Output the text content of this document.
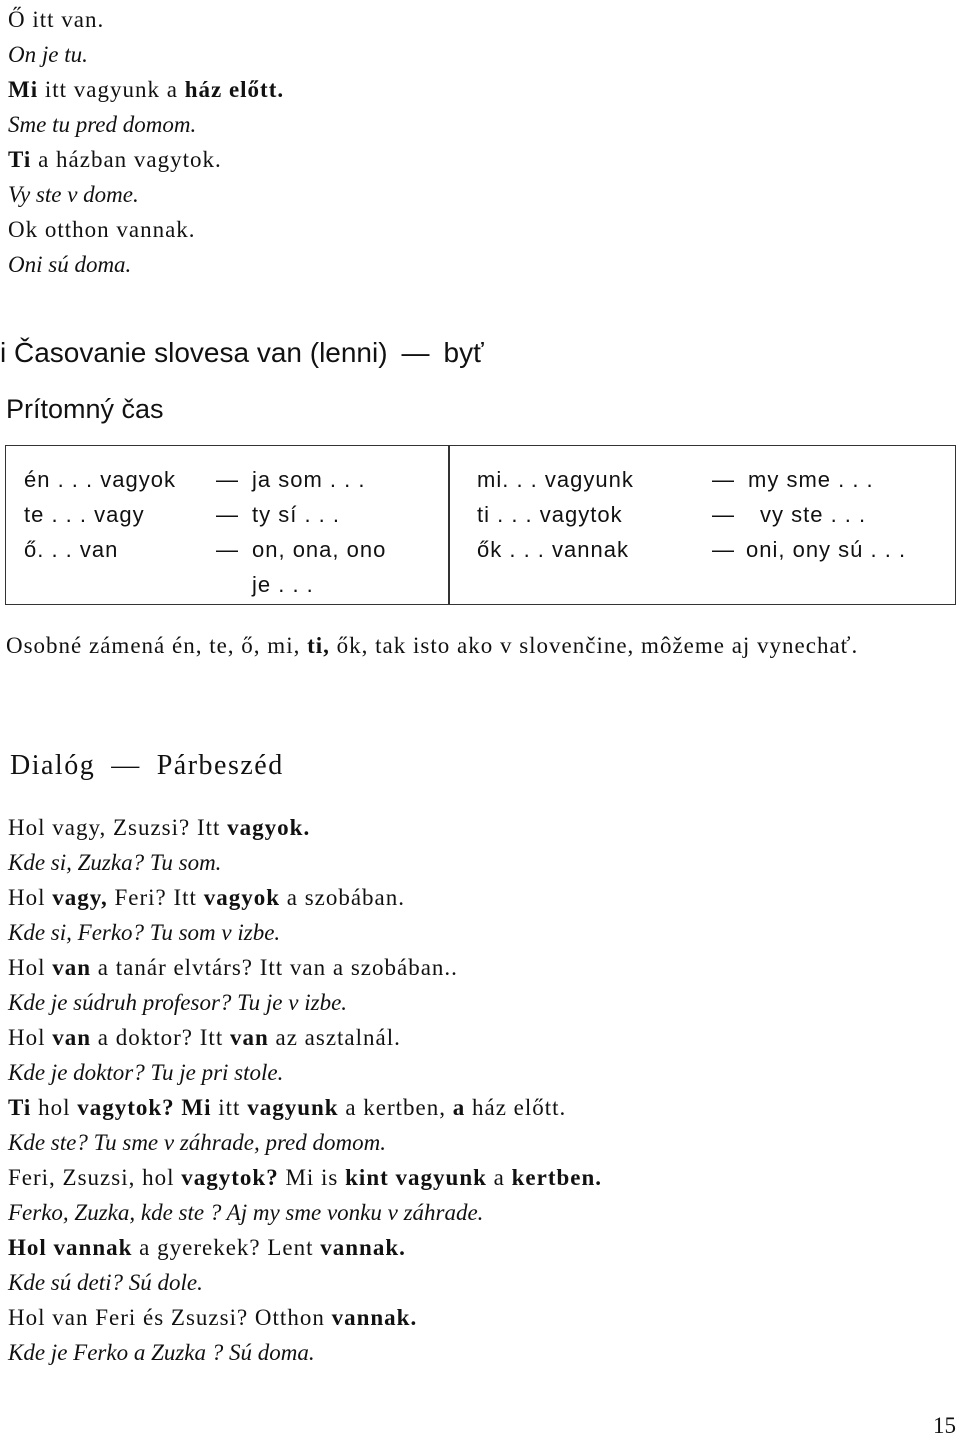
Ő itt van.
On je tu.
Mi itt vagyunk a ház előtt.
Sme tu pred domom.
Ti a házban vagytok.
Vy ste v dome.
Ok otthon vannak.
Oni sú doma.
i Časovanie slovesa van (lenni) — byť
Prítomný čas
én . . . vagyok — ja som . . .
te . . . vagy	— ty sí . . .
ő. . . van	— on, ona, ono
je . . .
mi. . . vagyunk	— my sme . . .
ti . . . vagytok	— vy ste . . .
ők . . . vannak	— oni, ony sú . . .
Osobné zámená én, te, ő, mi, ti, ők, tak isto ako v slovenčine, môžeme aj vynechať.
Dialóg — Párbeszéd
Hol vagy, Zsuzsi? Itt vagyok.
Kde si, Zuzka? Tu som.
Hol vagy, Feri? Itt vagyok a szobában.
Kde si, Ferko? Tu som v izbe.
Hol van a tanár elvtárs? Itt van a szobában..
Kde je súdruh profesor? Tu je v izbe.
Hol van a doktor? Itt van az asztalnál.
Kde je doktor? Tu je pri stole.
Ti hol vagytok? Mi itt vagyunk a kertben, a ház előtt.
Kde ste? Tu sme v záhrade, pred domom.
Feri, Zsuzsi, hol vagytok? Mi is kint vagyunk a kertben.
Ferko, Zuzka, kde ste ? Aj my sme vonku v záhrade.
Hol vannak a gyerekek? Lent vannak.
Kde sú deti? Sú dole.
Hol van Feri és Zsuzsi? Otthon vannak.
Kde je Ferko a Zuzka ? Sú doma.
15
